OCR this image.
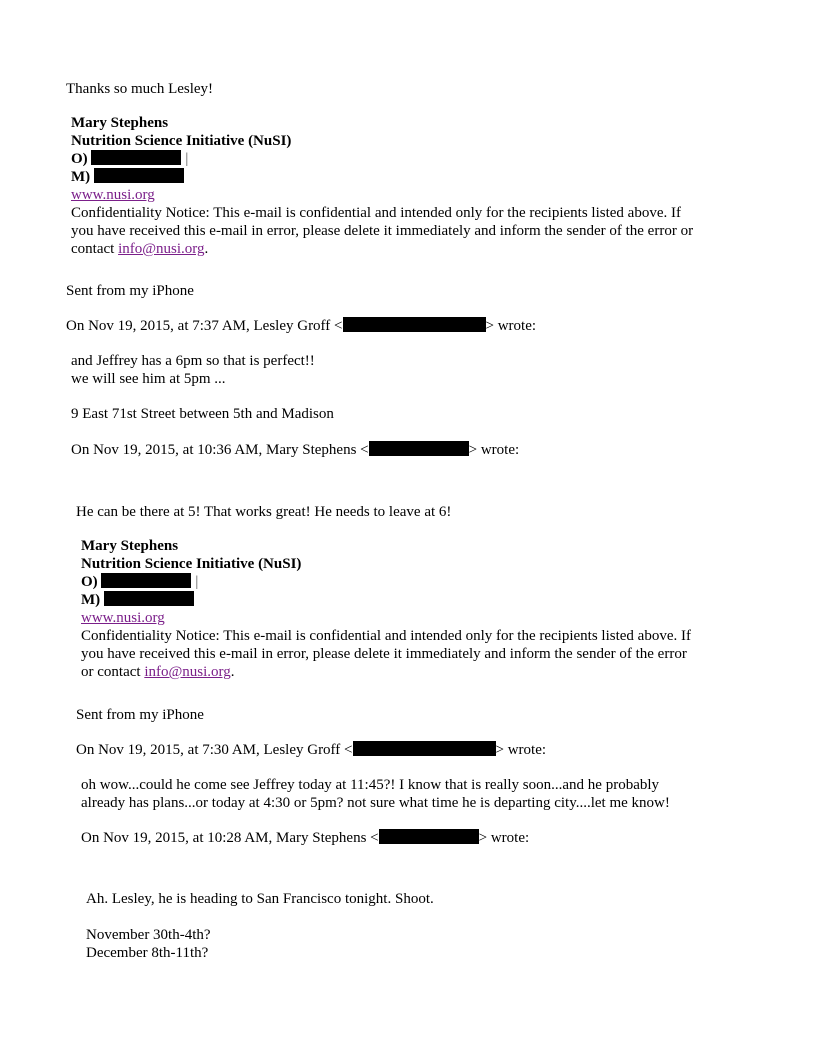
Thanks so much Lesley!
Mary Stephens
Nutrition Science Initiative (NuSI)
O)	|
M)
www.nusi.org
Confidentiality Notice: This e-mail is confidential and intended only for the recipients listed above. If
you have received this e-mail in error, please delete it immediately and inform the sender of the error or
contact info@nusi.org.
Sent from my iPhone
On Nov 19, 2015, at 7:37 AM, Lesley Groff <	> wrote:
and Jeffrey has a 6pm so that is perfect!!
we will see him at 5pm ...
9 East 71st Street between 5th and Madison
On Nov 19, 2015, at 10:36 AM, Mary Stephens <	> wrote:
He can be there at 5! That works great! He needs to leave at 6!
Mary Stephens
Nutrition Science Initiative (NuSI)
O)	|
M)
www.nusi.org
Confidentiality Notice: This e-mail is confidential and intended only for the recipients listed above. If
you have received this e-mail in error, please delete it immediately and inform the sender of the error
or contact info@nusi.org.
Sent from my iPhone
On Nov 19, 2015, at 7:30 AM, Lesley Groff <	> wrote:
oh wow...could he come see Jeffrey today at 11:45?! I know that is really soon...and he probably
already has plans...or today at 4:30 or 5pm? not sure what time he is departing city....let me know!
On Nov 19, 2015, at 10:28 AM, Mary Stephens <	> wrote:
Ah. Lesley, he is heading to San Francisco tonight. Shoot.
November 30th-4th?
December 8th-11th?
